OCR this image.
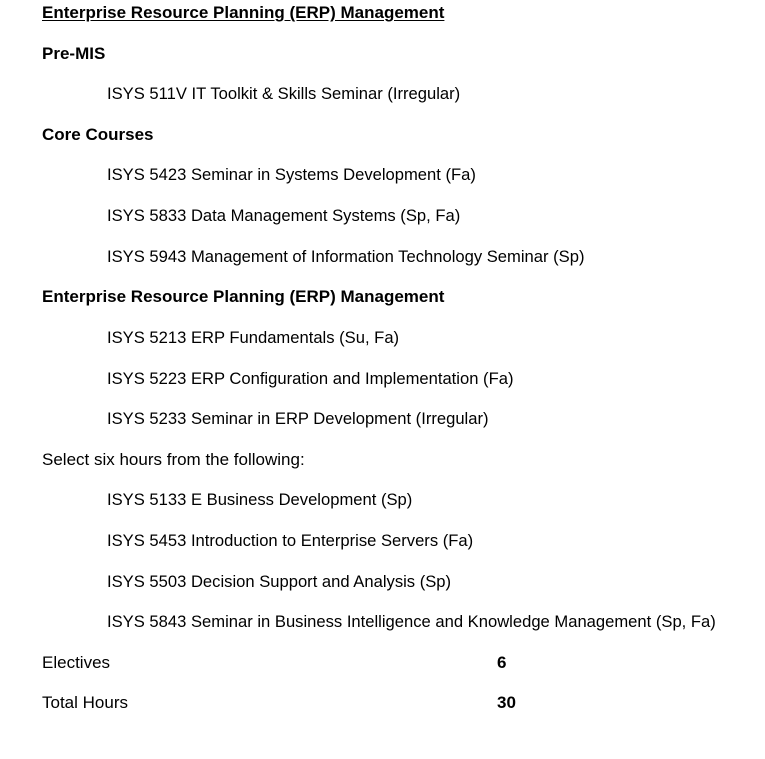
Enterprise Resource Planning (ERP) Management
Pre-MIS
ISYS 511V IT Toolkit & Skills Seminar (Irregular)
Core Courses
ISYS 5423 Seminar in Systems Development (Fa)
ISYS 5833 Data Management Systems (Sp, Fa)
ISYS 5943 Management of Information Technology Seminar (Sp)
Enterprise Resource Planning (ERP) Management
ISYS 5213 ERP Fundamentals (Su, Fa)
ISYS 5223 ERP Configuration and Implementation (Fa)
ISYS 5233 Seminar in ERP Development (Irregular)
Select six hours from the following:
ISYS 5133 E Business Development (Sp)
ISYS 5453 Introduction to Enterprise Servers (Fa)
ISYS 5503 Decision Support and Analysis (Sp)
ISYS 5843 Seminar in Business Intelligence and Knowledge Management (Sp, Fa)
Electives	6
Total Hours	30
